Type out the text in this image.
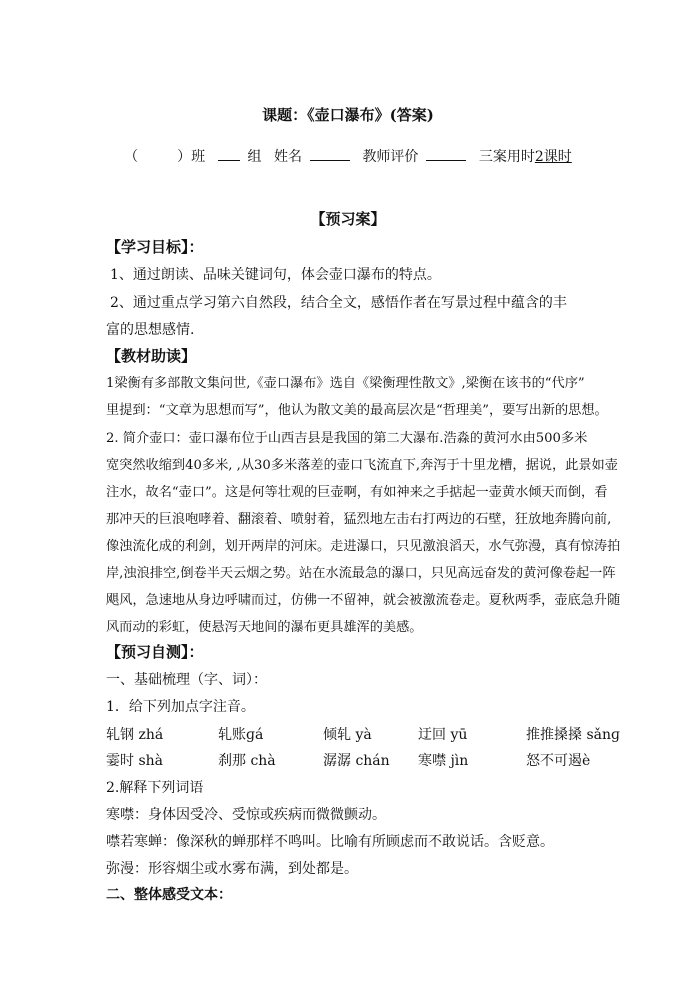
课题：《壶口瀑布》(答案)
（	）班	组 姓名	教师评价	三案用时2课时
【预习案】
【学习目标】：
1、通过朗读、品味关键词句，体会壶口瀑布的特点。
2、通过重点学习第六自然段，结合全文，感悟作者在写景过程中蕴含的丰
富的思想感情.
【教材助读】
1梁衡有多部散文集问世,《壶口瀑布》选自《梁衡理性散文》,梁衡在该书的“代序”
里提到：“文章为思想而写”，他认为散文美的最高层次是“哲理美”，要写出新的思想。
2. 简介壶口：壶口瀑布位于山西吉县是我国的第二大瀑布.浩淼的黄河水由500多米
宽突然收缩到40多米, ,从30多米落差的壶口飞流直下,奔泻于十里龙槽，据说，此景如壶
注水，故名“壶口”。这是何等壮观的巨壶啊，有如神来之手掂起一壶黄水倾天而倒，看
那冲天的巨浪咆哮着、翻滚着、喷射着，猛烈地左击右打两边的石壁，狂放地奔腾向前,
像浊流化成的利剑，划开两岸的河床。走进瀑口，只见激浪滔天，水气弥漫，真有惊涛拍
岸,浊浪排空,倒卷半天云烟之势。站在水流最急的瀑口，只见高远奋发的黄河像卷起一阵
飓风，急速地从身边呼啸而过，仿佛一不留神，就会被激流卷走。夏秋两季，壶底急升随
风而动的彩虹，使悬泻天地间的瀑布更具雄浑的美感。
【预习自测】：
一、基础梳理（字、词）：
1．给下列加点字注音。
轧钢 zhá	轧账ɡá	倾轧 yà	迂回 yū	推推搡搡 sǎnɡ
霎时 shà	刹那 chà	潺潺 chán 寒噤 jìn	怒不可遏è
2.解释下列词语
寒噤：身体因受冷、受惊或疾病而微微颤动。
噤若寒蝉：像深秋的蝉那样不鸣叫。比喻有所顾虑而不敢说话。含贬意。
弥漫：形容烟尘或水雾布满，到处都是。
二、整体感受文本：
